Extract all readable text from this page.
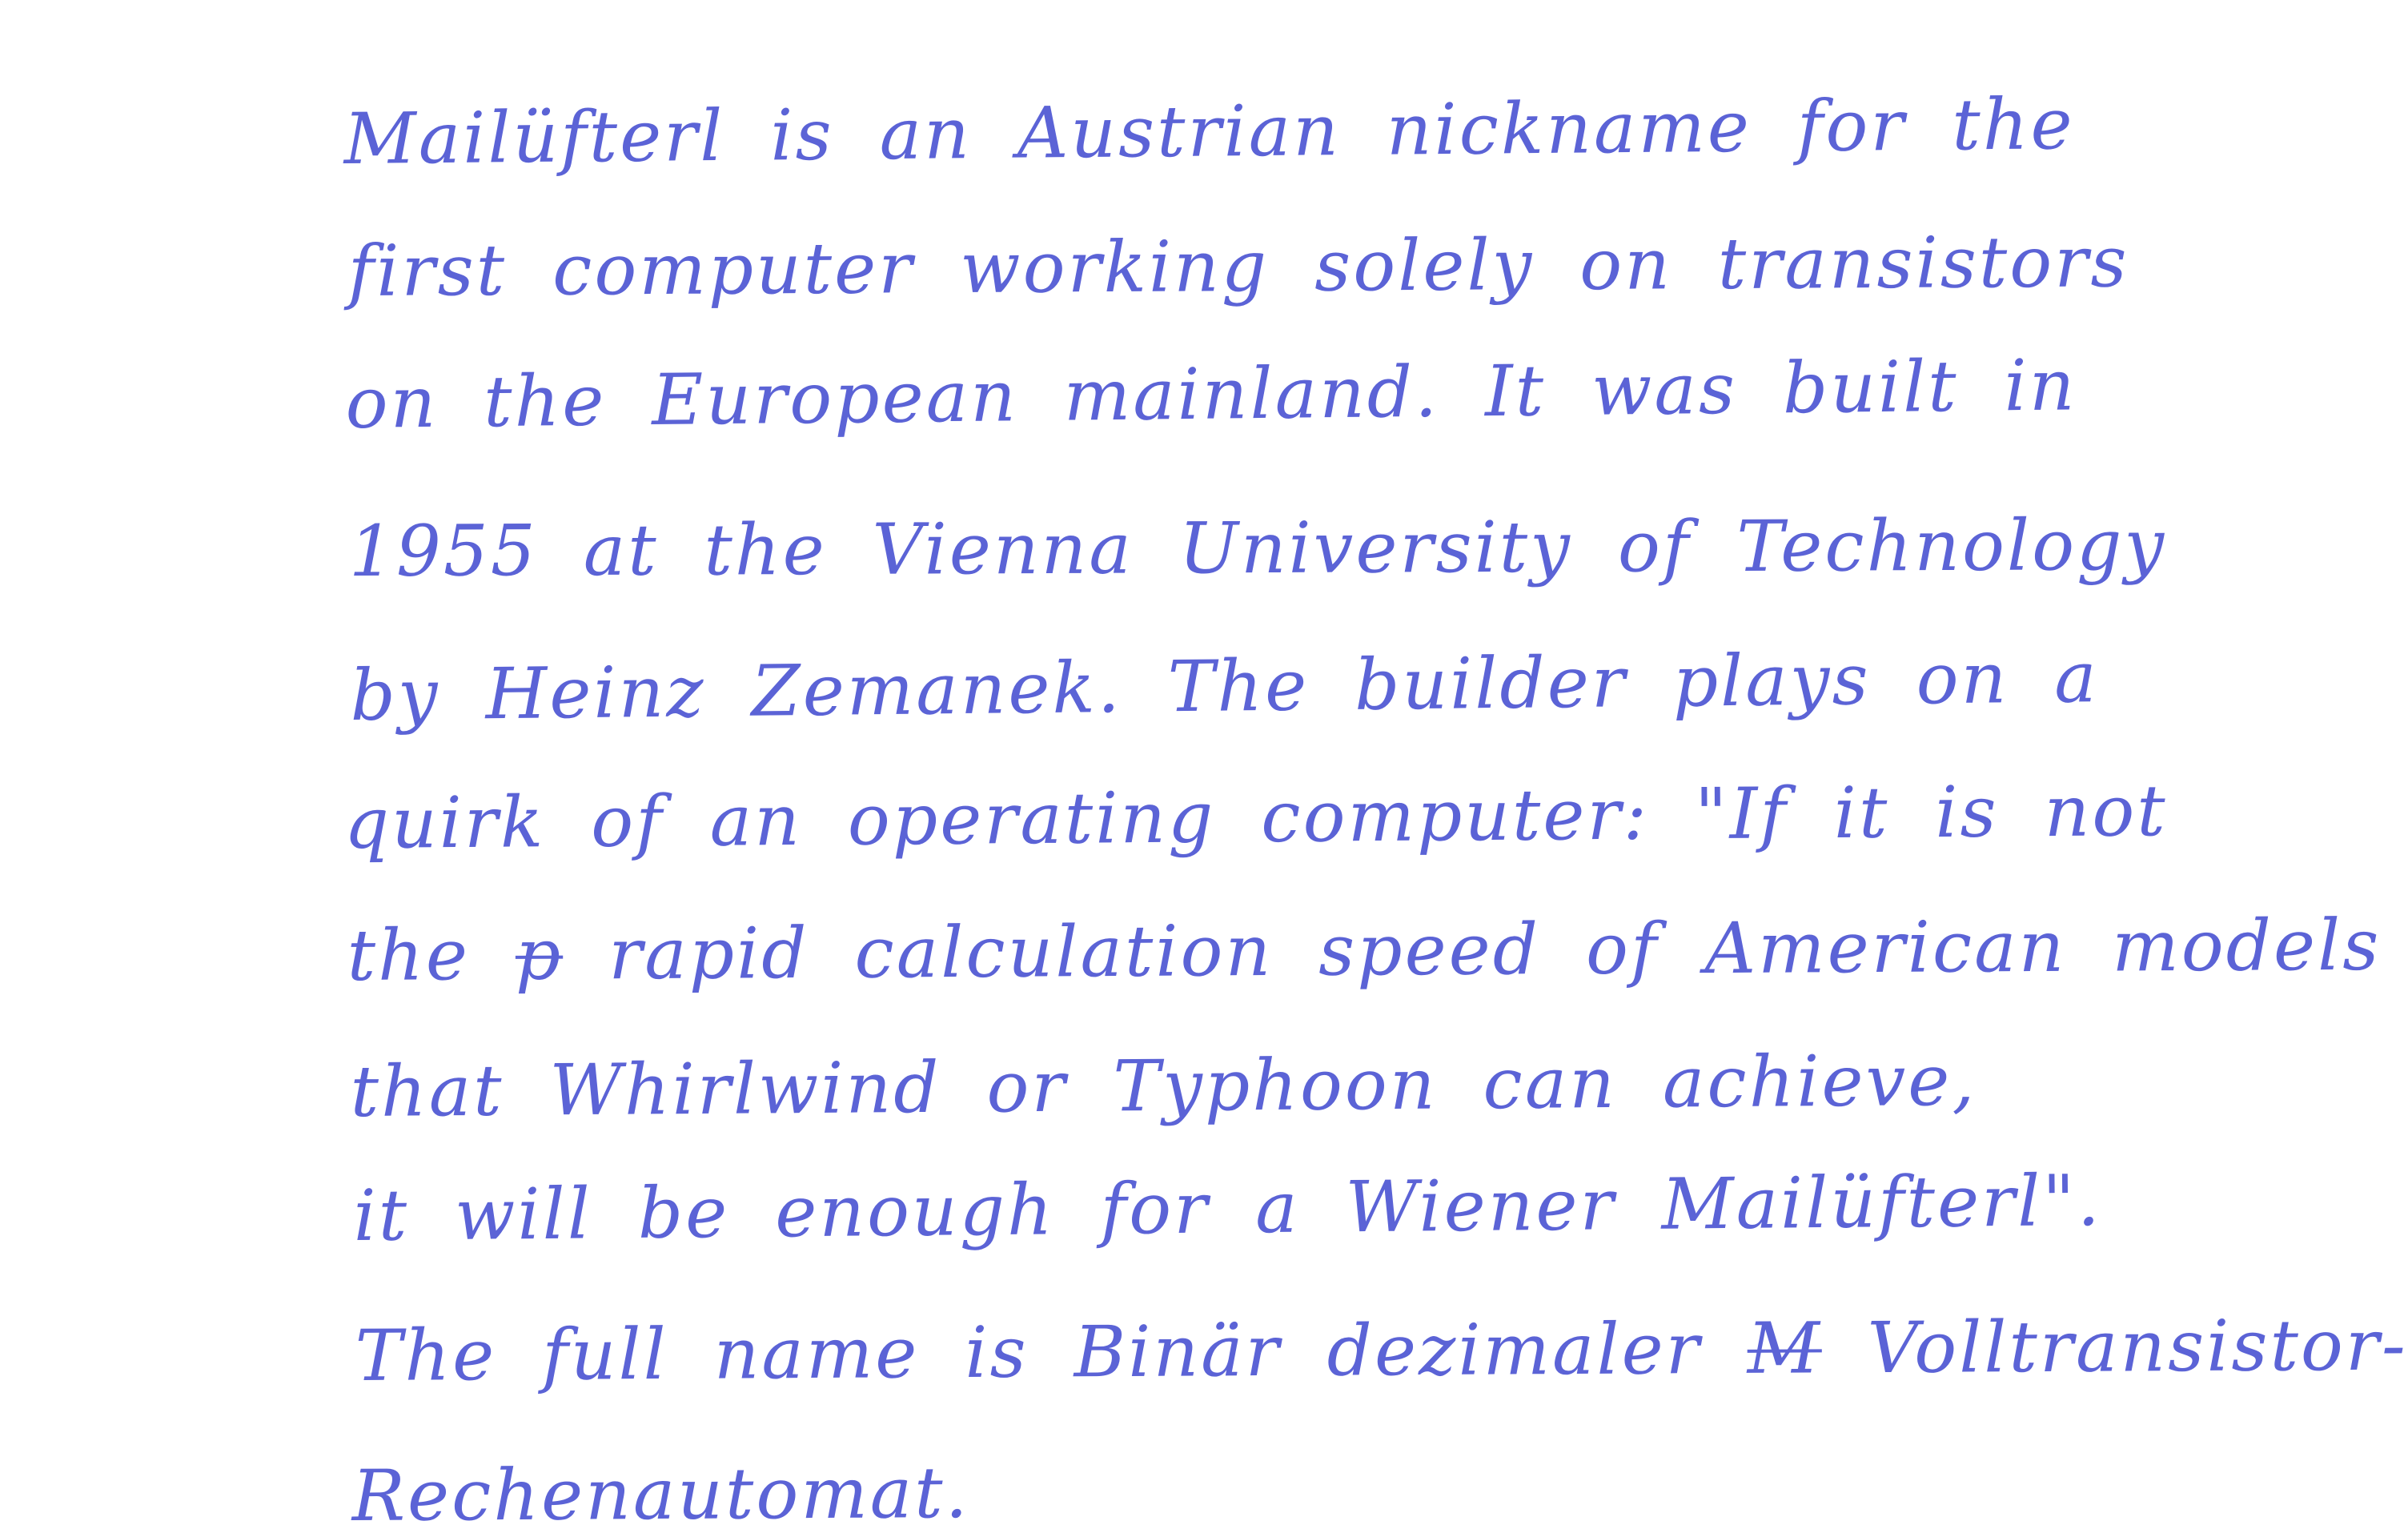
Mailüfterl is an Austrian nickname for the
first computer working solely on transistors
on the European mainland. It was built in
1955 at the Vienna University of Technology
by Heinz Zemanek. The builder plays on a
quirk of an operating computer: "If it is not
the p rapid calculation speed of American models
that Whirlwind or Typhoon can achieve,
it will be enough for a Wiener Mailüfterl".
The full name is Binär dezimaler M Volltransistor-
Rechenautomat.
